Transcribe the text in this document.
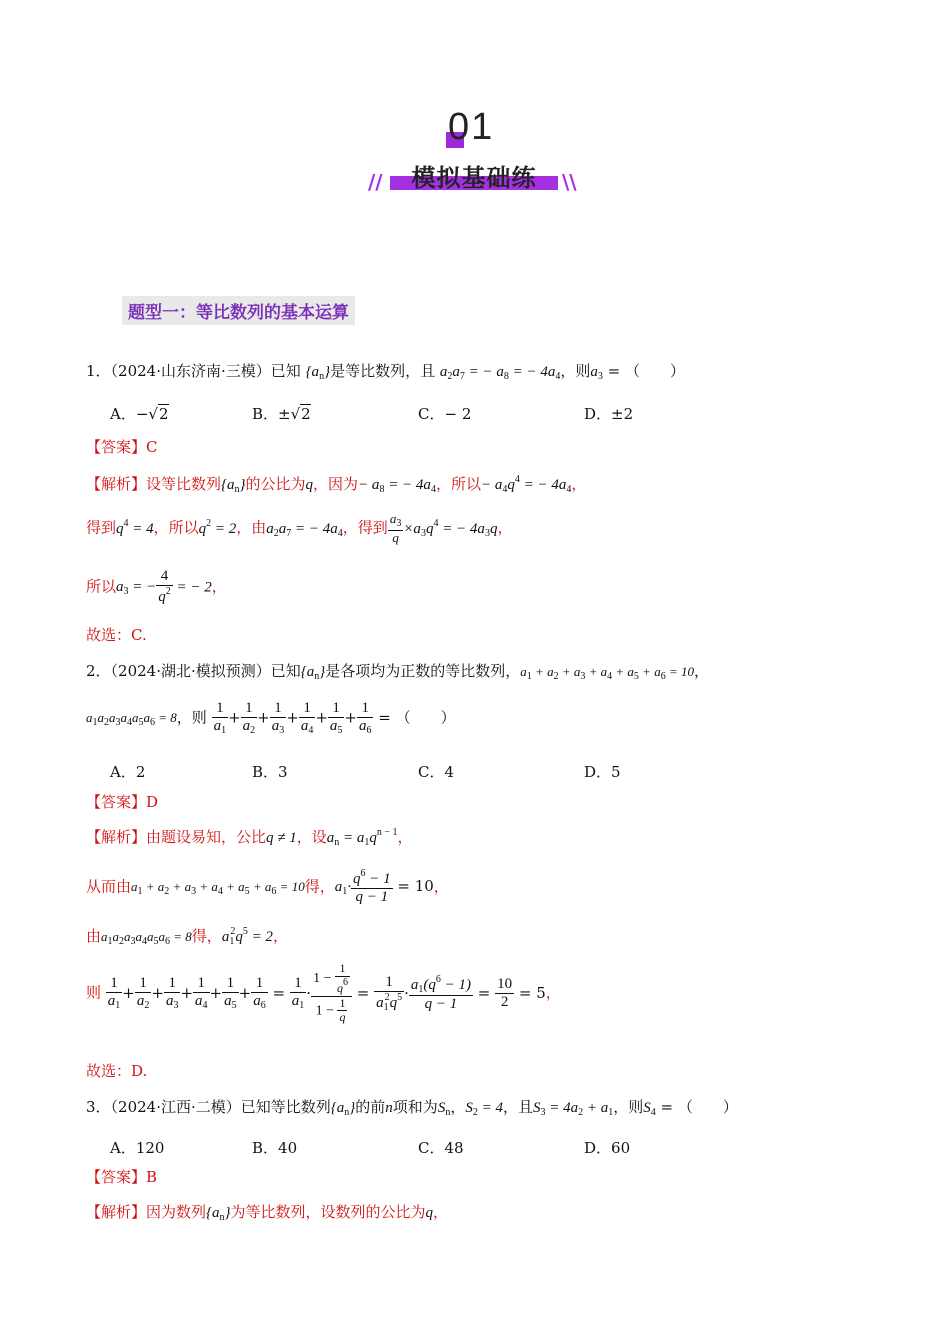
01
//	模拟基础练	\\
题型一：等比数列的基本运算
1．（2024·山东济南·三模）已知 $\{a_n\}$是等比数列，且 $a_2a_7$ = − $a_8$ = − $4a_4$，则$a_3$ = （　　）
A．−√2	B．±√2	C．− 2	D．±2
【答案】C
【解析】设等比数列$\{a_n\}$的公比为q，因为− $a_8$ = − $4a_4$，所以− $a_4q^4$ = − $4a_4$，
得到$q^4 = 4$，所以$q^2 = 2$，由$a_2a_7$ = − $4a_4$，得到 $\frac{a_3}{q} \times a_3q^4$ = − $4a_3q$，
所以$a_3$ = − $\frac{4}{q^2}$ = − 2，
故选：C.
2．（2024·湖北·模拟预测）已知$\{a_n\}$是各项均为正数的等比数列，$a_1 + a_2 + a_3 + a_4 + a_5 + a_6 = 10$，
$a_1a_2a_3a_4a_5a_6 = 8$，则 $\frac{1}{a_1} + \frac{1}{a_2} + \frac{1}{a_3} + \frac{1}{a_4} + \frac{1}{a_5} + \frac{1}{a_6}$ = （　　）
A．2	B．3	C．4	D．5
【答案】D
【解析】由题设易知，公比q ≠ 1，设$a_n = a_1q^{n - 1}$，
从而由$a_1 + a_2 + a_3 + a_4 + a_5 + a_6 = 10$得，$a_1\cdot \frac{q^6 - 1}{q - 1} = 10$，
由$a_1a_2a_3a_4a_5a_6 = 8$得，$a_1^2q^5 = 2$，
则 $\frac{1}{a_1} + \frac{1}{a_2} + \frac{1}{a_3} + \frac{1}{a_4} + \frac{1}{a_5} + \frac{1}{a_6} = \frac{1}{a_1} \cdot \frac{1 - \frac{1}{q^6}}{1 - \frac{1}{q}} = \frac{1}{a_1^2q^5} \cdot \frac{a_1(q^6 - 1)}{q - 1} = \frac{10}{2} = 5$，
故选：D.
3．（2024·江西·二模）已知等比数列$\{a_n\}$的前n项和为$S_n$，$S_2 = 4$，且$S_3 = 4a_2 + a_1$，则$S_4$ = （　　）
A．120	B．40	C．48	D．60
【答案】B
【解析】因为数列$\{a_n\}$为等比数列，设数列的公比为q，
